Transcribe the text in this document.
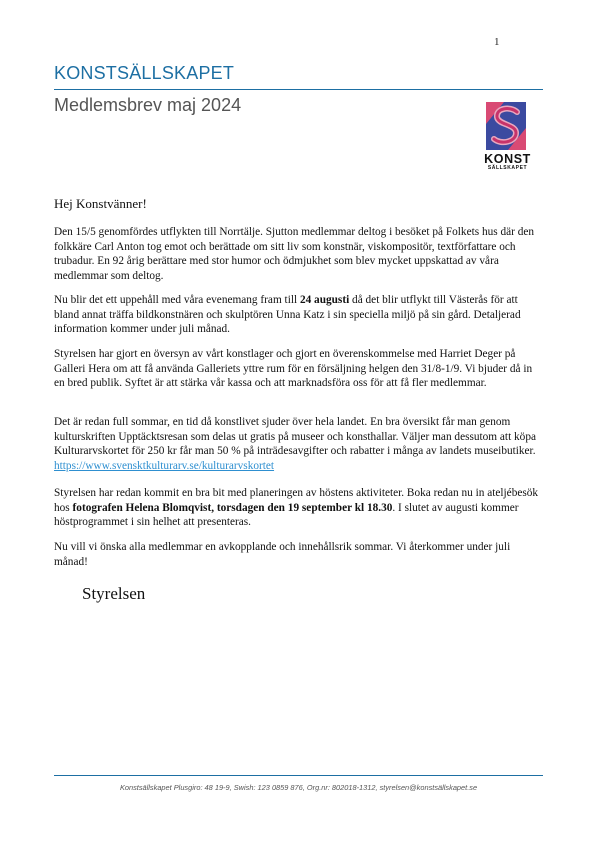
1
KONSTSÄLLSKAPET
Medlemsbrev maj 2024
KONST
SÄLLSKAPET
Hej Konstvänner!

Den 15/5 genomfördes utflykten till Norrtälje. Sjutton medlemmar deltog i besöket på Folkets hus där den folkkäre Carl Anton tog emot och berättade om sitt liv som konstnär, viskompositör, textförfattare och trubadur. En 92 årig berättare med stor humor och ödmjukhet som blev mycket uppskattad av våra medlemmar som deltog.

Nu blir det ett uppehåll med våra evenemang fram till 24 augusti då det blir utflykt till Västerås för att bland annat träffa bildkonstnären och skulptören Unna Katz i sin speciella miljö på sin gård. Detaljerad information kommer under juli månad.

Styrelsen har gjort en översyn av vårt konstlager och gjort en överenskommelse med Harriet Deger på Galleri Hera om att få använda Galleriets yttre rum för en försäljning helgen den 31/8-1/9. Vi bjuder då in en bred publik. Syftet är att stärka vår kassa och att marknadsföra oss för att få fler medlemmar.

Det är redan full sommar, en tid då konstlivet sjuder över hela landet. En bra översikt får man genom kulturskriften Upptäcktsresan som delas ut gratis på museer och konsthallar. Väljer man dessutom att köpa Kulturarvskortet för 250 kr får man 50 % på inträdesavgifter och rabatter i många av landets museibutiker. https://www.svensktkulturarv.se/kulturarvskortet

Styrelsen har redan kommit en bra bit med planeringen av höstens aktiviteter. Boka redan nu in ateljébesök hos fotografen Helena Blomqvist, torsdagen den 19 september kl 18.30. I slutet av augusti kommer höstprogrammet i sin helhet att presenteras.

Nu vill vi önska alla medlemmar en avkopplande och innehållsrik sommar. Vi återkommer under juli månad!

Styrelsen
Konstsällskapet Plusgiro: 48 19-9, Swish: 123 0859 876, Org.nr: 802018-1312, styrelsen@konstsällskapet.se
